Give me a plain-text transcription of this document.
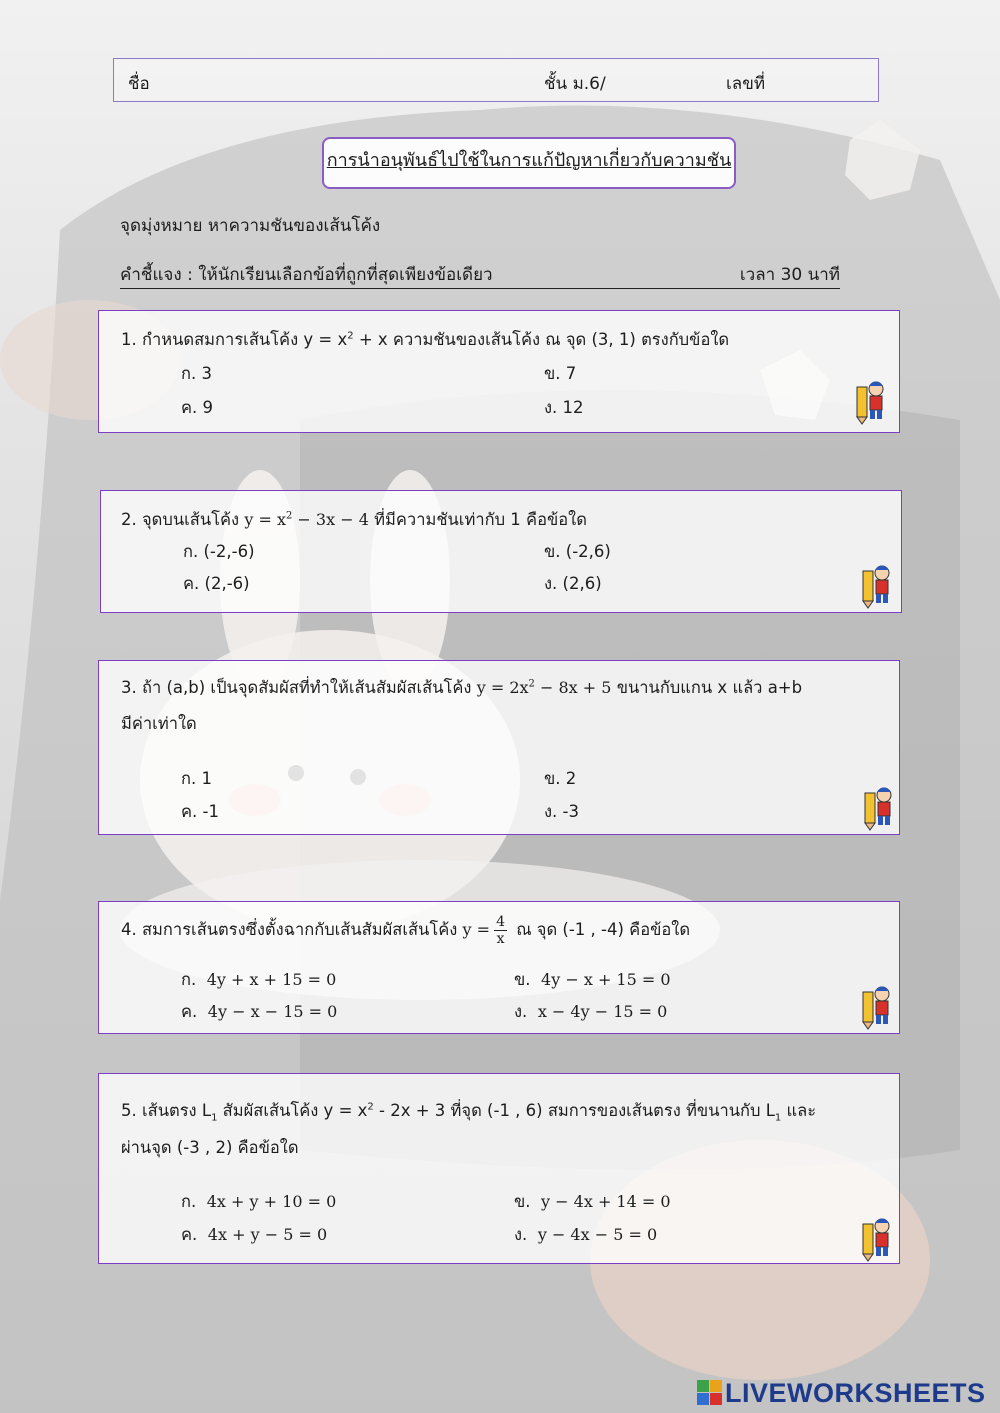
ชื่อ	ชั้น ม.6/	เลขที่
การนำอนุพันธ์ไปใช้ในการแก้ปัญหาเกี่ยวกับความชัน
จุดมุ่งหมาย หาความชันของเส้นโค้ง
คำชี้แจง : ให้นักเรียนเลือกข้อที่ถูกที่สุดเพียงข้อเดียว	เวลา 30 นาที
1. กำหนดสมการเส้นโค้ง $y = x^2 + x$ ความชันของเส้นโค้ง ณ จุด (3, 1) ตรงกับข้อใด
ก. 3	ข. 7
ค. 9	ง. 12
2. จุดบนเส้นโค้ง $y = x^2 - 3x - 4$ ที่มีความชันเท่ากับ 1 คือข้อใด
ก. (-2,-6)	ข. (-2,6)
ค. (2,-6)	ง. (2,6)
3. ถ้า (a,b) เป็นจุดสัมผัสที่ทำให้เส้นสัมผัสเส้นโค้ง $y = 2x^2 - 8x + 5$ ขนานกับแกน x แล้ว a+b
มีค่าเท่าใด
ก. 1	ข. 2
ค. -1	ง. -3
4. สมการเส้นตรงซึ่งตั้งฉากกับเส้นสัมผัสเส้นโค้ง $y = \frac{4}{x}$ ณ จุด (-1 , -4) คือข้อใด
ก. 4y + x + 15 = 0	ข. 4y − x + 15 = 0
ค. 4y − x − 15 = 0	ง. x − 4y − 15 = 0
5. เส้นตรง $L_1$ สัมผัสเส้นโค้ง $y = x^2 - 2x + 3$ ที่จุด (-1 , 6) สมการของเส้นตรง ที่ขนานกับ $L_1$ และ
ผ่านจุด (-3 , 2) คือข้อใด
ก. 4x + y + 10 = 0	ข. y − 4x + 14 = 0
ค. 4x + y − 5 = 0	ง. y − 4x − 5 = 0
LIVEWORKSHEETS
